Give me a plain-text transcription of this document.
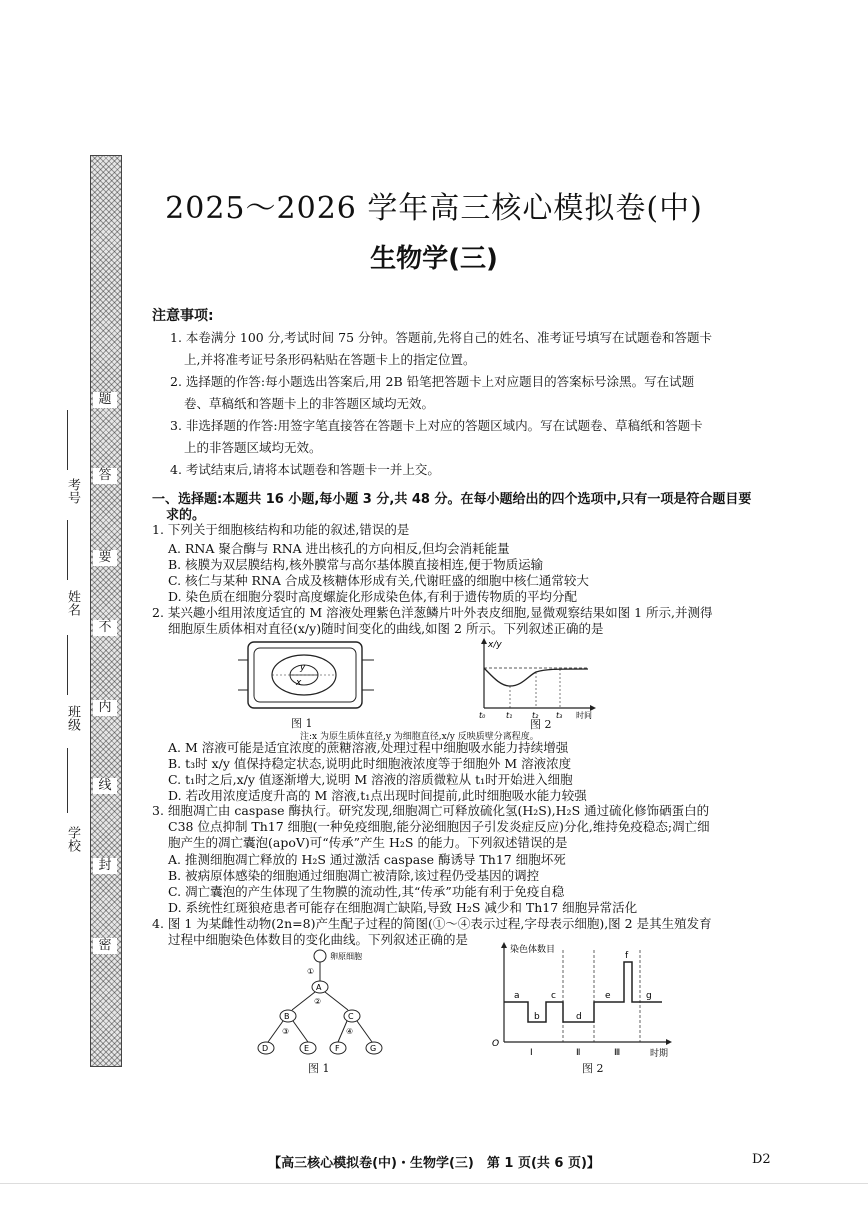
题
答
要
不
内
线
封
密
考号
姓名
班级
学校
2025～2026 学年高三核心模拟卷(中)
生物学(三)
注意事项:
1. 本卷满分 100 分,考试时间 75 分钟。答题前,先将自己的姓名、准考证号填写在试题卷和答题卡
上,并将准考证号条形码粘贴在答题卡上的指定位置。
2. 选择题的作答:每小题选出答案后,用 2B 铅笔把答题卡上对应题目的答案标号涂黑。写在试题
卷、草稿纸和答题卡上的非答题区域均无效。
3. 非选择题的作答:用签字笔直接答在答题卡上对应的答题区域内。写在试题卷、草稿纸和答题卡
上的非答题区域均无效。
4. 考试结束后,请将本试题卷和答题卡一并上交。
一、选择题:本题共 16 小题,每小题 3 分,共 48 分。在每小题给出的四个选项中,只有一项是符合题目要
求的。
1. 下列关于细胞核结构和功能的叙述,错误的是
A. RNA 聚合酶与 RNA 进出核孔的方向相反,但均会消耗能量
B. 核膜为双层膜结构,核外膜常与高尔基体膜直接相连,便于物质运输
C. 核仁与某种 RNA 合成及核糖体形成有关,代谢旺盛的细胞中核仁通常较大
D. 染色质在细胞分裂时高度螺旋化形成染色体,有利于遗传物质的平均分配
2. 某兴趣小组用浓度适宜的 M 溶液处理紫色洋葱鳞片叶外表皮细胞,显微观察结果如图 1 所示,并测得
细胞原生质体相对直径(x/y)随时间变化的曲线,如图 2 所示。下列叙述正确的是
y
x
图 1
x/y
t₀	t₁ t₂ t₃ 时间
图 2
注:x 为原生质体直径,y 为细胞直径,x/y 反映质壁分离程度。
A. M 溶液可能是适宜浓度的蔗糖溶液,处理过程中细胞吸水能力持续增强
B. t₃时 x/y 值保持稳定状态,说明此时细胞液浓度等于细胞外 M 溶液浓度
C. t₁时之后,x/y 值逐渐增大,说明 M 溶液的溶质微粒从 t₁时开始进入细胞
D. 若改用浓度适度升高的 M 溶液,t₁点出现时间提前,此时细胞吸水能力较强
3. 细胞凋亡由 caspase 酶执行。研究发现,细胞凋亡可释放硫化氢(H₂S),H₂S 通过硫化修饰硒蛋白的
C38 位点抑制 Th17 细胞(一种免疫细胞,能分泌细胞因子引发炎症反应)分化,维持免疫稳态;凋亡细
胞产生的凋亡囊泡(apoV)可“传承”产生 H₂S 的能力。下列叙述错误的是
A. 推测细胞凋亡释放的 H₂S 通过激活 caspase 酶诱导 Th17 细胞坏死
B. 被病原体感染的细胞通过细胞凋亡被清除,该过程仍受基因的调控
C. 凋亡囊泡的产生体现了生物膜的流动性,其“传承”功能有利于免疫自稳
D. 系统性红斑狼疮患者可能存在细胞凋亡缺陷,导致 H₂S 减少和 Th17 细胞异常活化
4. 图 1 为某雌性动物(2n=8)产生配子过程的简图(①～④表示过程,字母表示细胞),图 2 是其生殖发育
过程中细胞染色体数目的变化曲线。下列叙述正确的是
卵原细胞
①
A
②
B	C
③	④
D	E	F	G
图 1
染色体数目
O
时期
a
b
c
d
e
f
g
Ⅰ	Ⅱ	Ⅲ
图 2
【高三核心模拟卷(中)・生物学(三)　第 1 页(共 6 页)】	D2
